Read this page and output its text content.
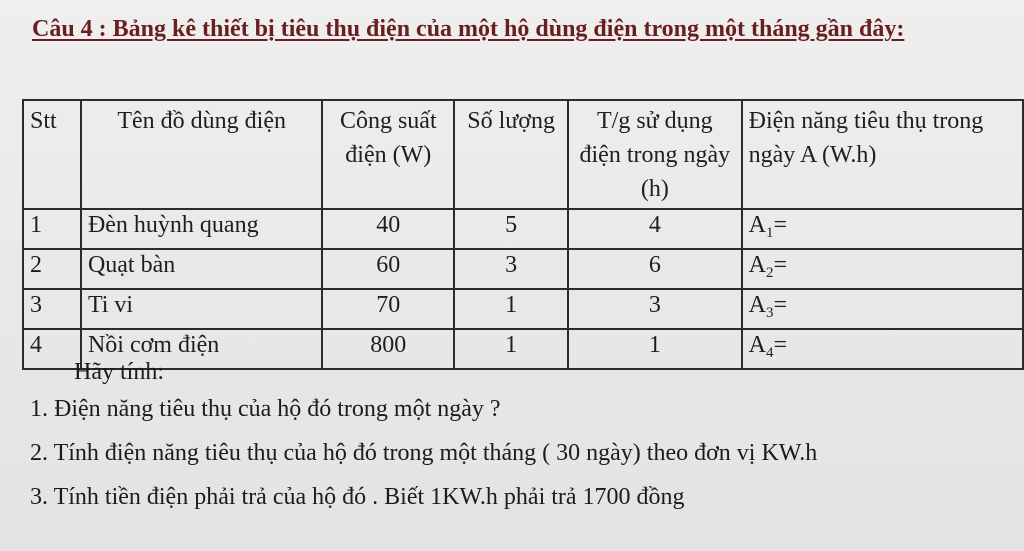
Câu 4 : Bảng kê thiết bị tiêu thụ điện của một hộ dùng điện trong một tháng gần đây:
Stt	Tên đồ dùng điện	Công suất điện (W)	Số lượng	T/g sử dụng điện trong ngày (h)	Điện năng tiêu thụ trong ngày A (W.h)
1	Đèn huỳnh quang	40	5	4	$A_1=$
2	Quạt bàn	60	3	6	$A_2=$
3	Ti vi	70	1	3	$A_3=$
4	Nồi cơm điện	800	1	1	$A_4=$
Hãy tính:
1. Điện năng tiêu thụ của hộ đó trong một ngày ?
2. Tính điện năng tiêu thụ của hộ đó trong một tháng ( 30 ngày) theo đơn vị KW.h
3. Tính tiền điện phải trả của hộ đó . Biết 1KW.h phải trả 1700 đồng
